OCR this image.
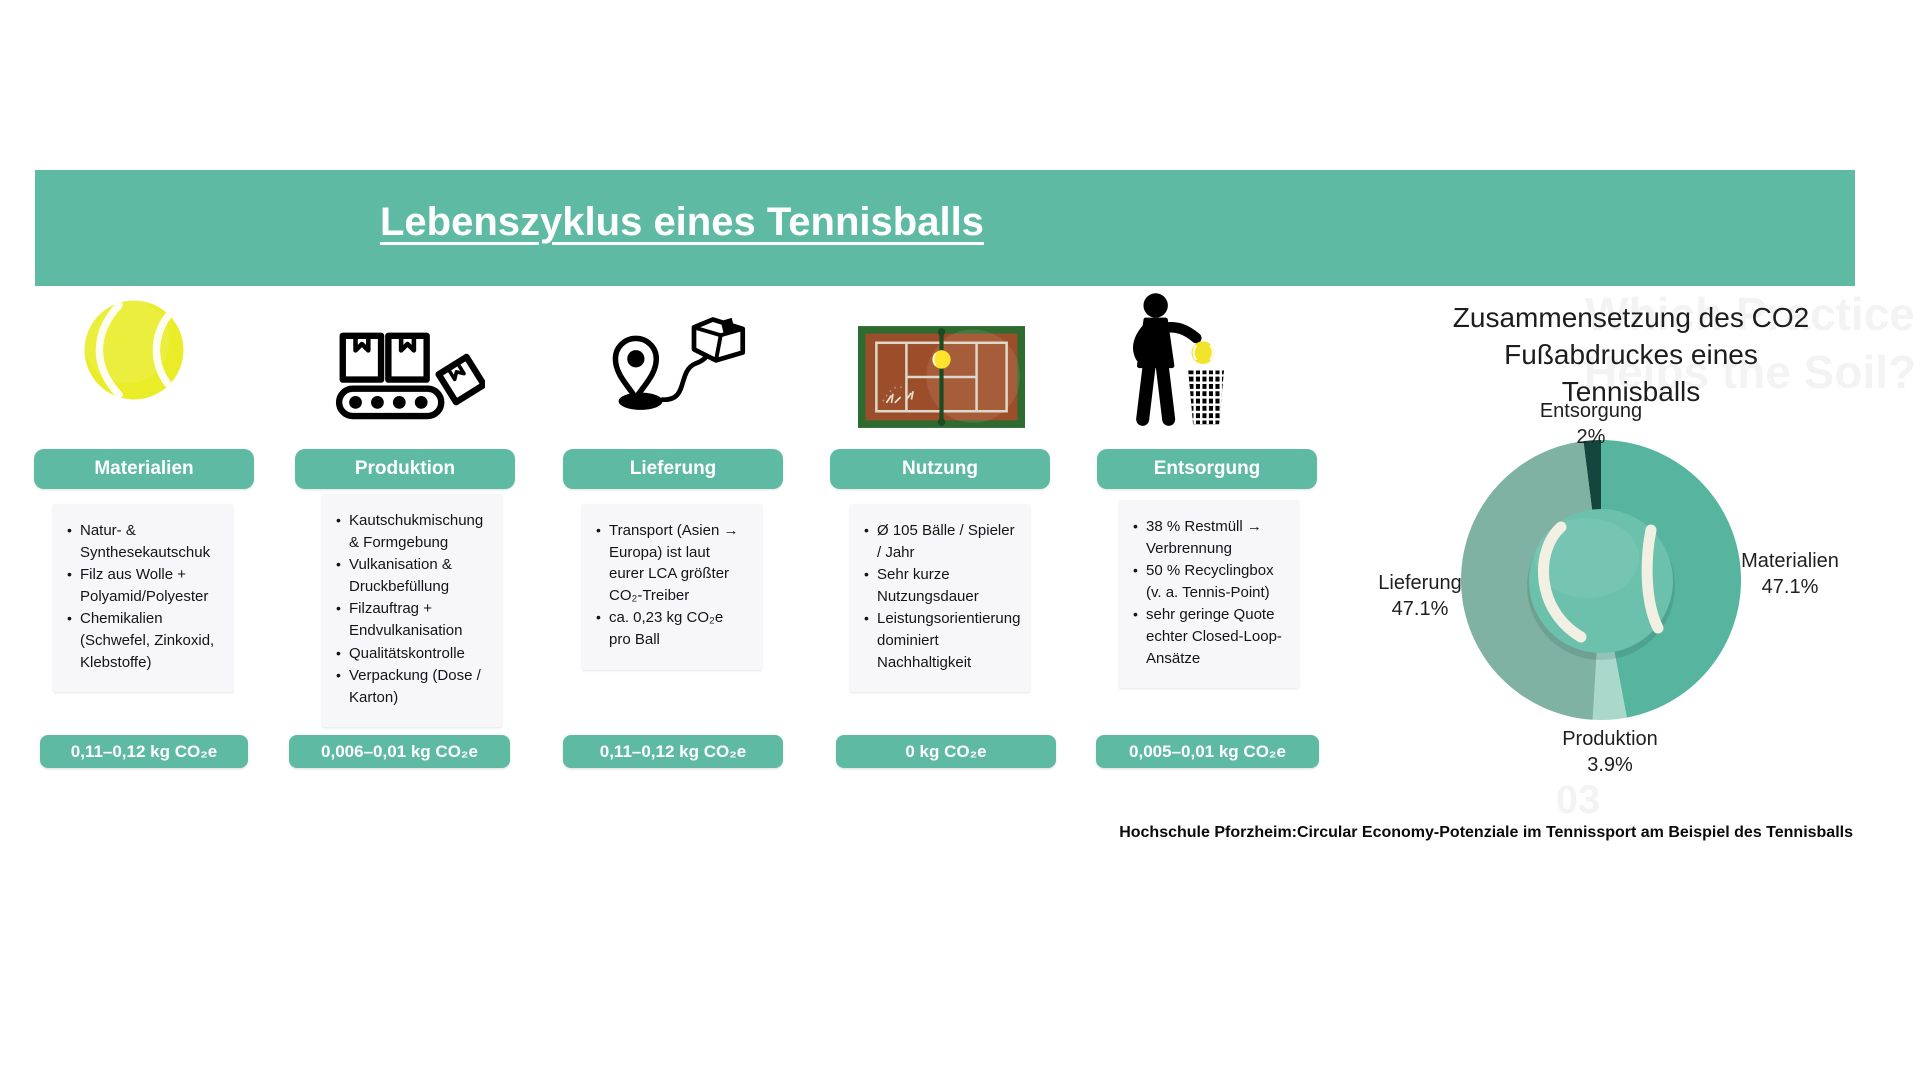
Lebenszyklus eines Tennisballs
Materialien
• Natur- & Synthesekautschuk
• Filz aus Wolle + Polyamid/Polyester
• Chemikalien (Schwefel, Zinkoxid, Klebstoffe)
0,11–0,12 kg CO₂e
Produktion
• Kautschukmischung & Formgebung
• Vulkanisation & Druckbefüllung
• Filzauftrag + Endvulkanisation
• Qualitätskontrolle
• Verpackung (Dose / Karton)
0,006–0,01 kg CO₂e
Lieferung
• Transport (Asien → Europa) ist laut eurer LCA größter CO₂-Treiber
• ca. 0,23 kg CO₂e pro Ball
0,11–0,12 kg CO₂e
Nutzung
• Ø 105 Bälle / Spieler / Jahr
• Sehr kurze Nutzungsdauer
• Leistungsorientierung dominiert Nachhaltigkeit
0 kg CO₂e
Entsorgung
• 38 % Restmüll → Verbrennung
• 50 % Recyclingbox (v. a. Tennis-Point)
• sehr geringe Quote echter Closed-Loop-Ansätze
0,005–0,01 kg CO₂e
Zusammensetzung des CO2 Fußabdruckes eines Tennisballs
Entsorgung
2%
Materialien
47.1%
Lieferung
47.1%
Produktion
3.9%
Hochschule Pforzheim:Circular Economy-Potenziale im Tennissport am Beispiel des Tennisballs
